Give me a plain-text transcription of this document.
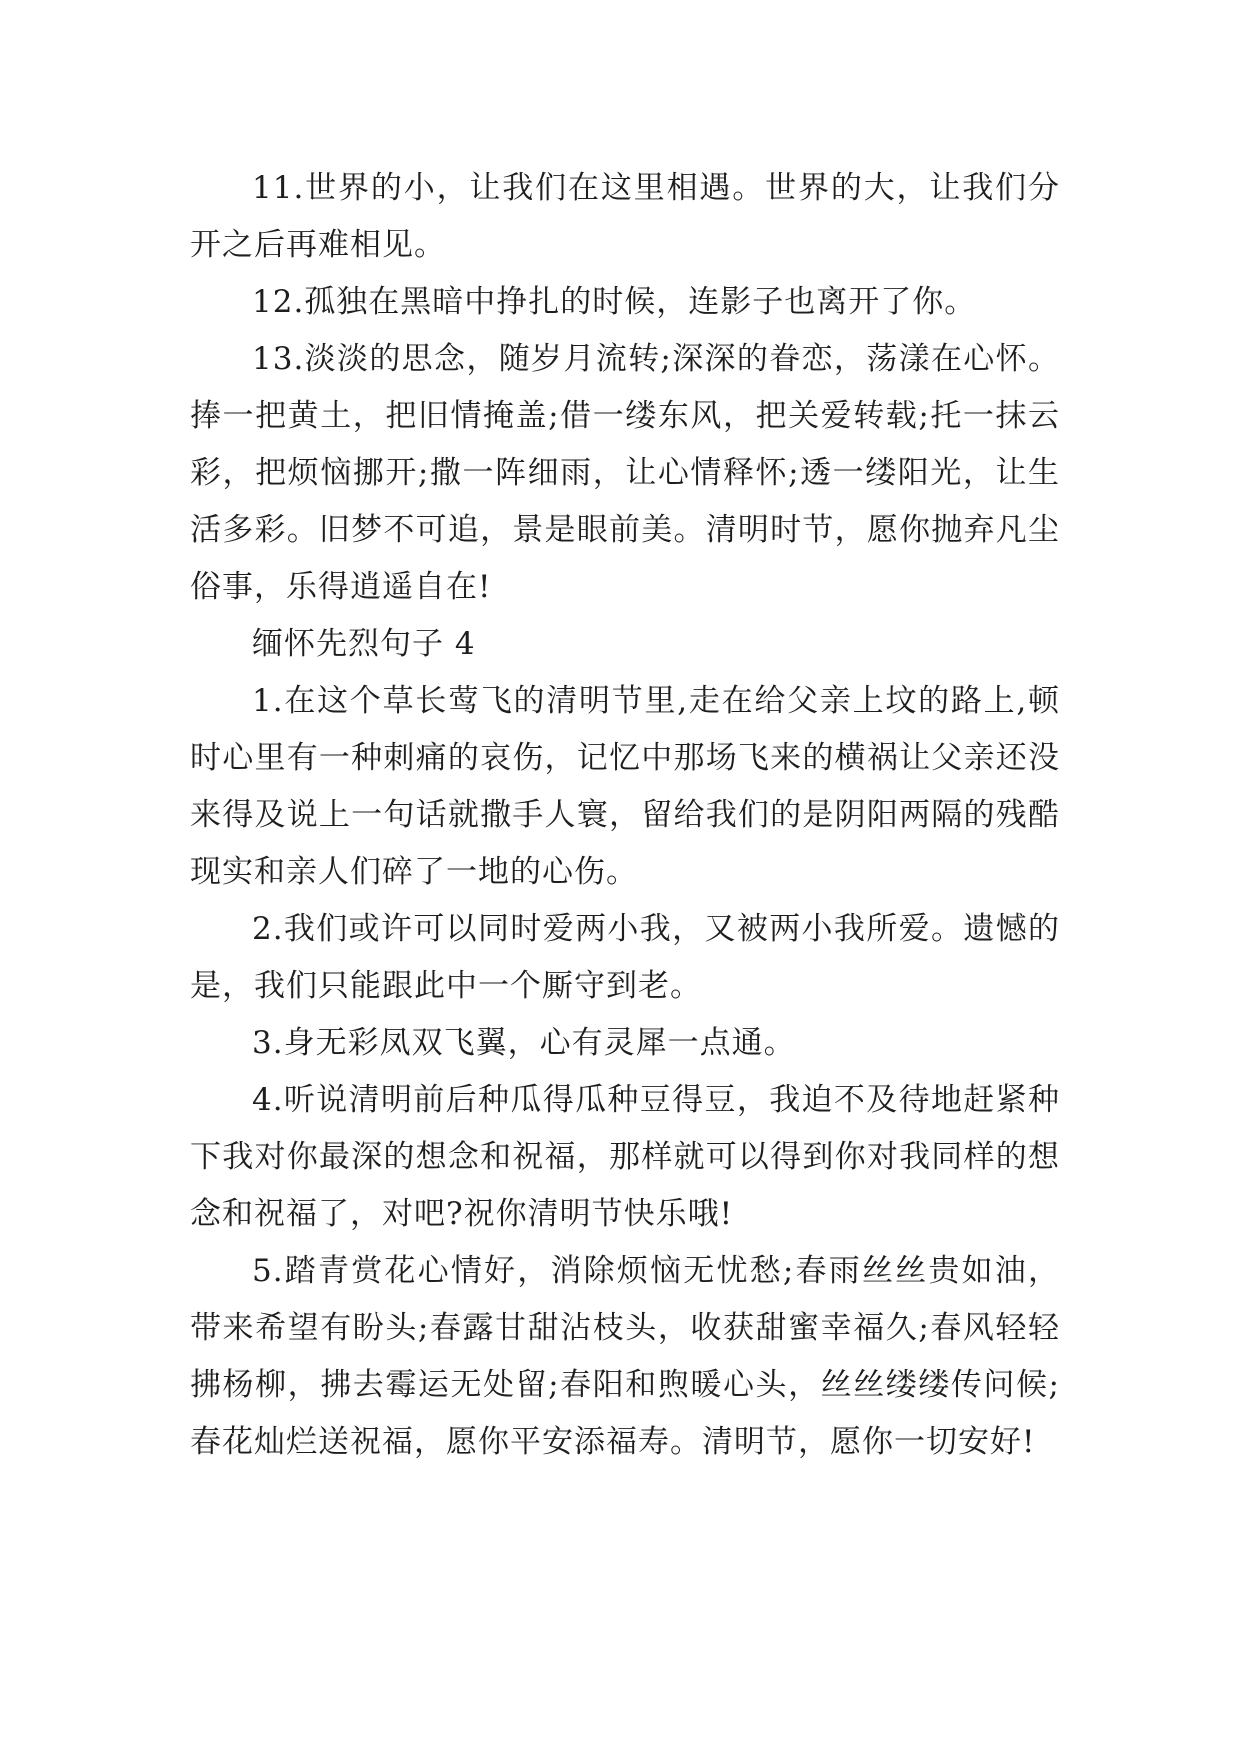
11.世界的小，让我们在这里相遇。世界的大，让我们分开之后再难相见。

12.孤独在黑暗中挣扎的时候，连影子也离开了你。

13.淡淡的思念，随岁月流转;深深的眷恋，荡漾在心怀。捧一把黄土，把旧情掩盖;借一缕东风，把关爱转载;托一抹云彩，把烦恼挪开;撒一阵细雨，让心情释怀;透一缕阳光，让生活多彩。旧梦不可追，景是眼前美。清明时节，愿你抛弃凡尘俗事，乐得逍遥自在!

缅怀先烈句子 4

1.在这个草长莺飞的清明节里,走在给父亲上坟的路上,顿时心里有一种刺痛的哀伤，记忆中那场飞来的横祸让父亲还没来得及说上一句话就撒手人寰，留给我们的是阴阳两隔的残酷现实和亲人们碎了一地的心伤。

2.我们或许可以同时爱两小我，又被两小我所爱。遗憾的是，我们只能跟此中一个厮守到老。

3.身无彩凤双飞翼，心有灵犀一点通。

4.听说清明前后种瓜得瓜种豆得豆，我迫不及待地赶紧种下我对你最深的想念和祝福，那样就可以得到你对我同样的想念和祝福了，对吧?祝你清明节快乐哦!

5.踏青赏花心情好，消除烦恼无忧愁;春雨丝丝贵如油，带来希望有盼头;春露甘甜沾枝头，收获甜蜜幸福久;春风轻轻拂杨柳，拂去霉运无处留;春阳和煦暖心头，丝丝缕缕传问候;春花灿烂送祝福，愿你平安添福寿。清明节，愿你一切安好!
